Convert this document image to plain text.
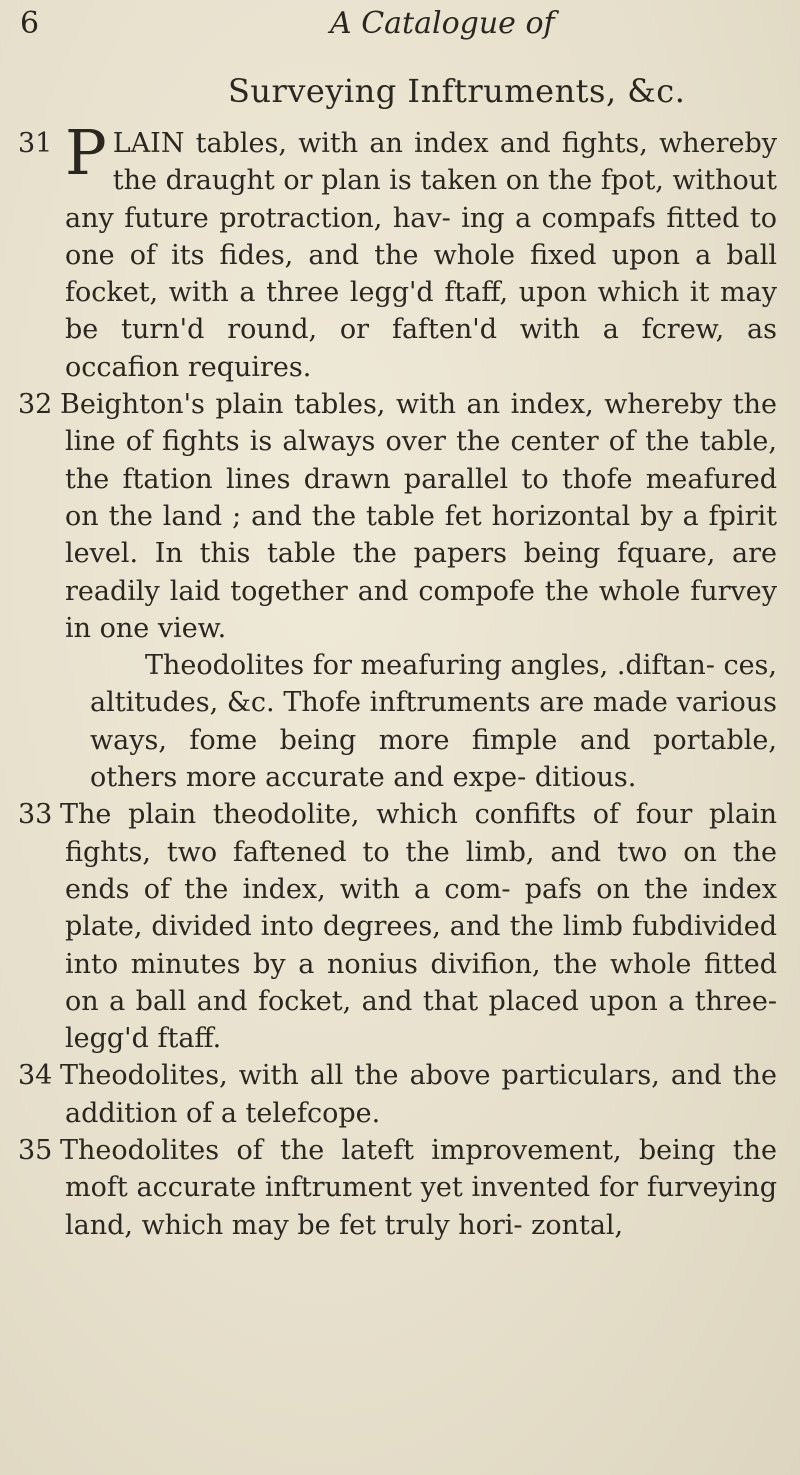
6	A Catalogue of
Surveying Inftruments, &c.
31 PLAIN tables, with an index and fights, whereby the draught or plan is taken on the fpot, without any future protraction, hav- ing a compafs fitted to one of its fides, and the whole fixed upon a ball focket, with a three legg'd ftaff, upon which it may be turn'd round, or faften'd with a fcrew, as occafion requires.
32 Beighton's plain tables, with an index, whereby the line of fights is always over the center of the table, the ftation lines drawn parallel to thofe meafured on the land ; and the table fet horizontal by a fpirit level. In this table the papers being fquare, are readily laid together and compofe the whole furvey in one view.
Theodolites for meafuring angles, .diftan- ces, altitudes, &c. Thofe inftruments are made various ways, fome being more fimple and portable, others more accurate and expe- ditious.
33 The plain theodolite, which confifts of four plain fights, two faftened to the limb, and two on the ends of the index, with a com- pafs on the index plate, divided into degrees, and the limb fubdivided into minutes by a nonius divifion, the whole fitted on a ball and focket, and that placed upon a three- legg'd ftaff.
34 Theodolites, with all the above particulars, and the addition of a telefcope.
35 Theodolites of the lateft improvement, being the moft accurate inftrument yet invented for furveying land, which may be fet truly hori- zontal,
